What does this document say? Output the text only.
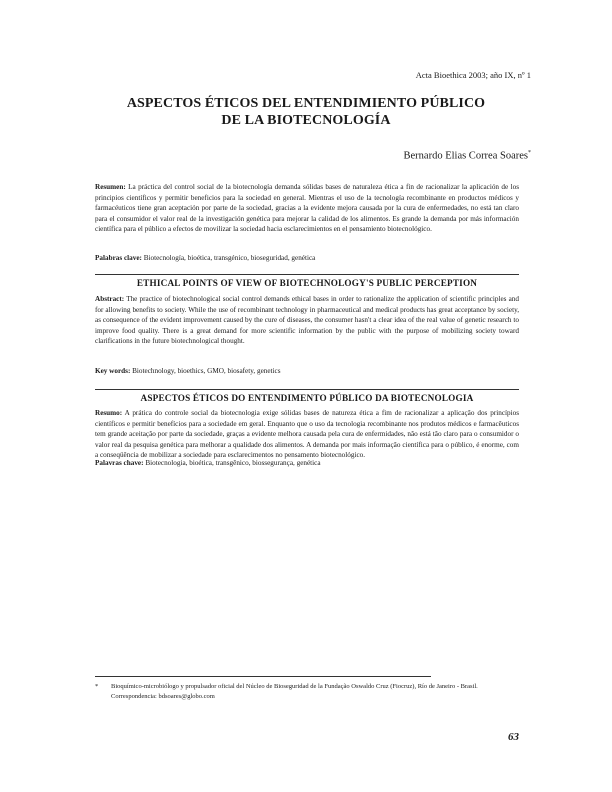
Acta Bioethica 2003; año IX, nº 1
ASPECTOS ÉTICOS DEL ENTENDIMIENTO PÚBLICO
DE LA BIOTECNOLOGÍA
Bernardo Elias Correa Soares*
Resumen: La práctica del control social de la biotecnología demanda sólidas bases de naturaleza ética a fin de racionalizar la aplicación de los principios científicos y permitir beneficios para la sociedad en general. Mientras el uso de la tecnología recombinante en productos médicos y farmacéuticos tiene gran aceptación por parte de la sociedad, gracias a la evidente mejora causada por la cura de enfermedades, no está tan claro para el consumidor el valor real de la investigación genética para mejorar la calidad de los alimentos. Es grande la demanda por más información científica para el público a efectos de movilizar la sociedad hacia esclarecimientos en el pensamiento biotecnológico.
Palabras clave: Biotecnología, bioética, transgénico, bioseguridad, genética
ETHICAL POINTS OF VIEW OF BIOTECHNOLOGY'S PUBLIC PERCEPTION
Abstract: The practice of biotechnological social control demands ethical bases in order to rationalize the application of scientific principles and for allowing benefits to society. While the use of recombinant technology in pharmaceutical and medical products has great acceptance by society, as consequence of the evident improvement caused by the cure of diseases, the consumer hasn't a clear idea of the real value of genetic research to improve food quality. There is a great demand for more scientific information by the public with the purpose of mobilizing society toward clarifications in the future biotechnological thought.
Key words: Biotechnology, bioethics, GMO, biosafety, genetics
ASPECTOS ÉTICOS DO ENTENDIMENTO PÚBLICO DA BIOTECNOLOGIA
Resumo: A prática do controle social da biotecnologia exige sólidas bases de natureza ética a fim de racionalizar a aplicação dos princípios científicos e permitir benefícios para a sociedade em geral. Enquanto que o uso da tecnologia recombinante nos produtos médicos e farmacêuticos tem grande aceitação por parte da sociedade, graças a evidente melhora causada pela cura de enfermidades, não está tão claro para o consumidor o valor real da pesquisa genética para melhorar a qualidade dos alimentos. A demanda por mais informação científica para o público, é enorme, com a conseqüência de mobilizar a sociedade para esclarecimentos no pensamento biotecnológico.
Palavras chave: Biotecnologia, bioética, transgênico, biossegurança, genética
* Bioquímico-microbiólogo y propulsador oficial del Núcleo de Bioseguridad de la Fundação Oswaldo Cruz (Fiocruz), Río de Janeiro - Brasil.
Correspondencia: bdsoares@globo.com
63
